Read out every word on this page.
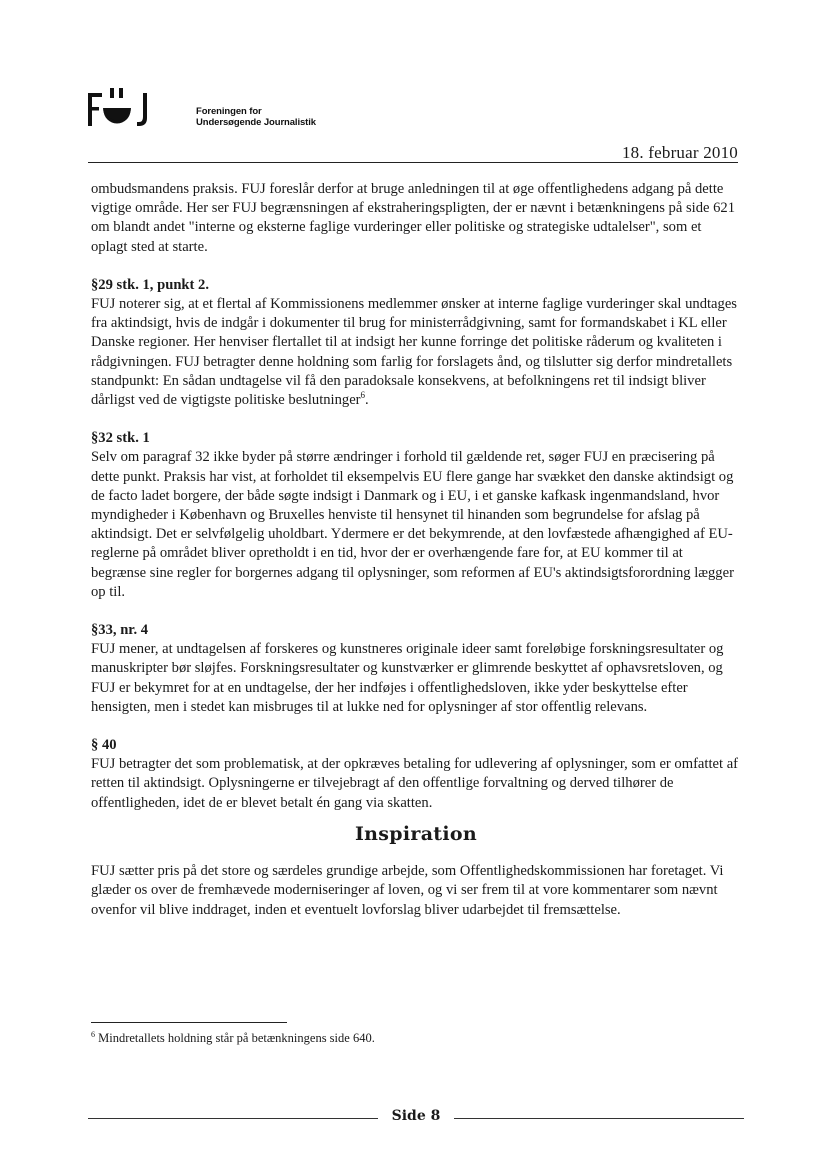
Foreningen for
Undersøgende Journalistik
18. februar 2010

ombudsmandens praksis. FUJ foreslår derfor at bruge anledningen til at øge offentlighedens adgang på dette vigtige område. Her ser FUJ begrænsningen af ekstraheringspligten, der er nævnt i betænkningens på side 621 om blandt andet "interne og eksterne faglige vurderinger eller politiske og strategiske udtalelser", som et oplagt sted at starte.

§29 stk. 1, punkt 2.

FUJ noterer sig, at et flertal af Kommissionens medlemmer ønsker at interne faglige vurderinger skal undtages fra aktindsigt, hvis de indgår i dokumenter til brug for ministerrådgivning, samt for formandskabet i KL eller Danske regioner. Her henviser flertallet til at indsigt her kunne forringe det politiske råderum og kvaliteten i rådgivningen. FUJ betragter denne holdning som farlig for forslagets ånd, og tilslutter sig derfor mindretallets standpunkt: En sådan undtagelse vil få den paradoksale konsekvens, at befolkningens ret til indsigt bliver dårligst ved de vigtigste politiske beslutninger$^6$.

§32 stk. 1

Selv om paragraf 32 ikke byder på større ændringer i forhold til gældende ret, søger FUJ en præcisering på dette punkt. Praksis har vist, at forholdet til eksempelvis EU flere gange har svækket den danske aktindsigt og de facto ladet borgere, der både søgte indsigt i Danmark og i EU, i et ganske kafkask ingenmandsland, hvor myndigheder i København og Bruxelles henviste til hensynet til hinanden som begrundelse for afslag på aktindsigt. Det er selvfølgelig uholdbart. Ydermere er det bekymrende, at den lovfæstede afhængighed af EU-reglerne på området bliver opretholdt i en tid, hvor der er overhængende fare for, at EU kommer til at begrænse sine regler for borgernes adgang til oplysninger, som reformen af EU's aktindsigtsforordning lægger op til.

§33, nr. 4

FUJ mener, at undtagelsen af forskeres og kunstneres originale ideer samt foreløbige forskningsresultater og manuskripter bør sløjfes. Forskningsresultater og kunstværker er glimrende beskyttet af ophavsretsloven, og FUJ er bekymret for at en undtagelse, der her indføjes i offentlighedsloven, ikke yder beskyttelse efter hensigten, men i stedet kan misbruges til at lukke ned for oplysninger af stor offentlig relevans.

§ 40

FUJ betragter det som problematisk, at der opkræves betaling for udlevering af oplysninger, som er omfattet af retten til aktindsigt. Oplysningerne er tilvejebragt af den offentlige forvaltning og derved tilhører de offentligheden, idet de er blevet betalt én gang via skatten.

Inspiration

FUJ sætter pris på det store og særdeles grundige arbejde, som Offentlighedskommissionen har foretaget. Vi glæder os over de fremhævede moderniseringer af loven, og vi ser frem til at vore kommentarer som nævnt ovenfor vil blive inddraget, inden et eventuelt lovforslag bliver udarbejdet til fremsættelse.

$^6$ Mindretallets holdning står på betænkningens side 640.
Side 8
